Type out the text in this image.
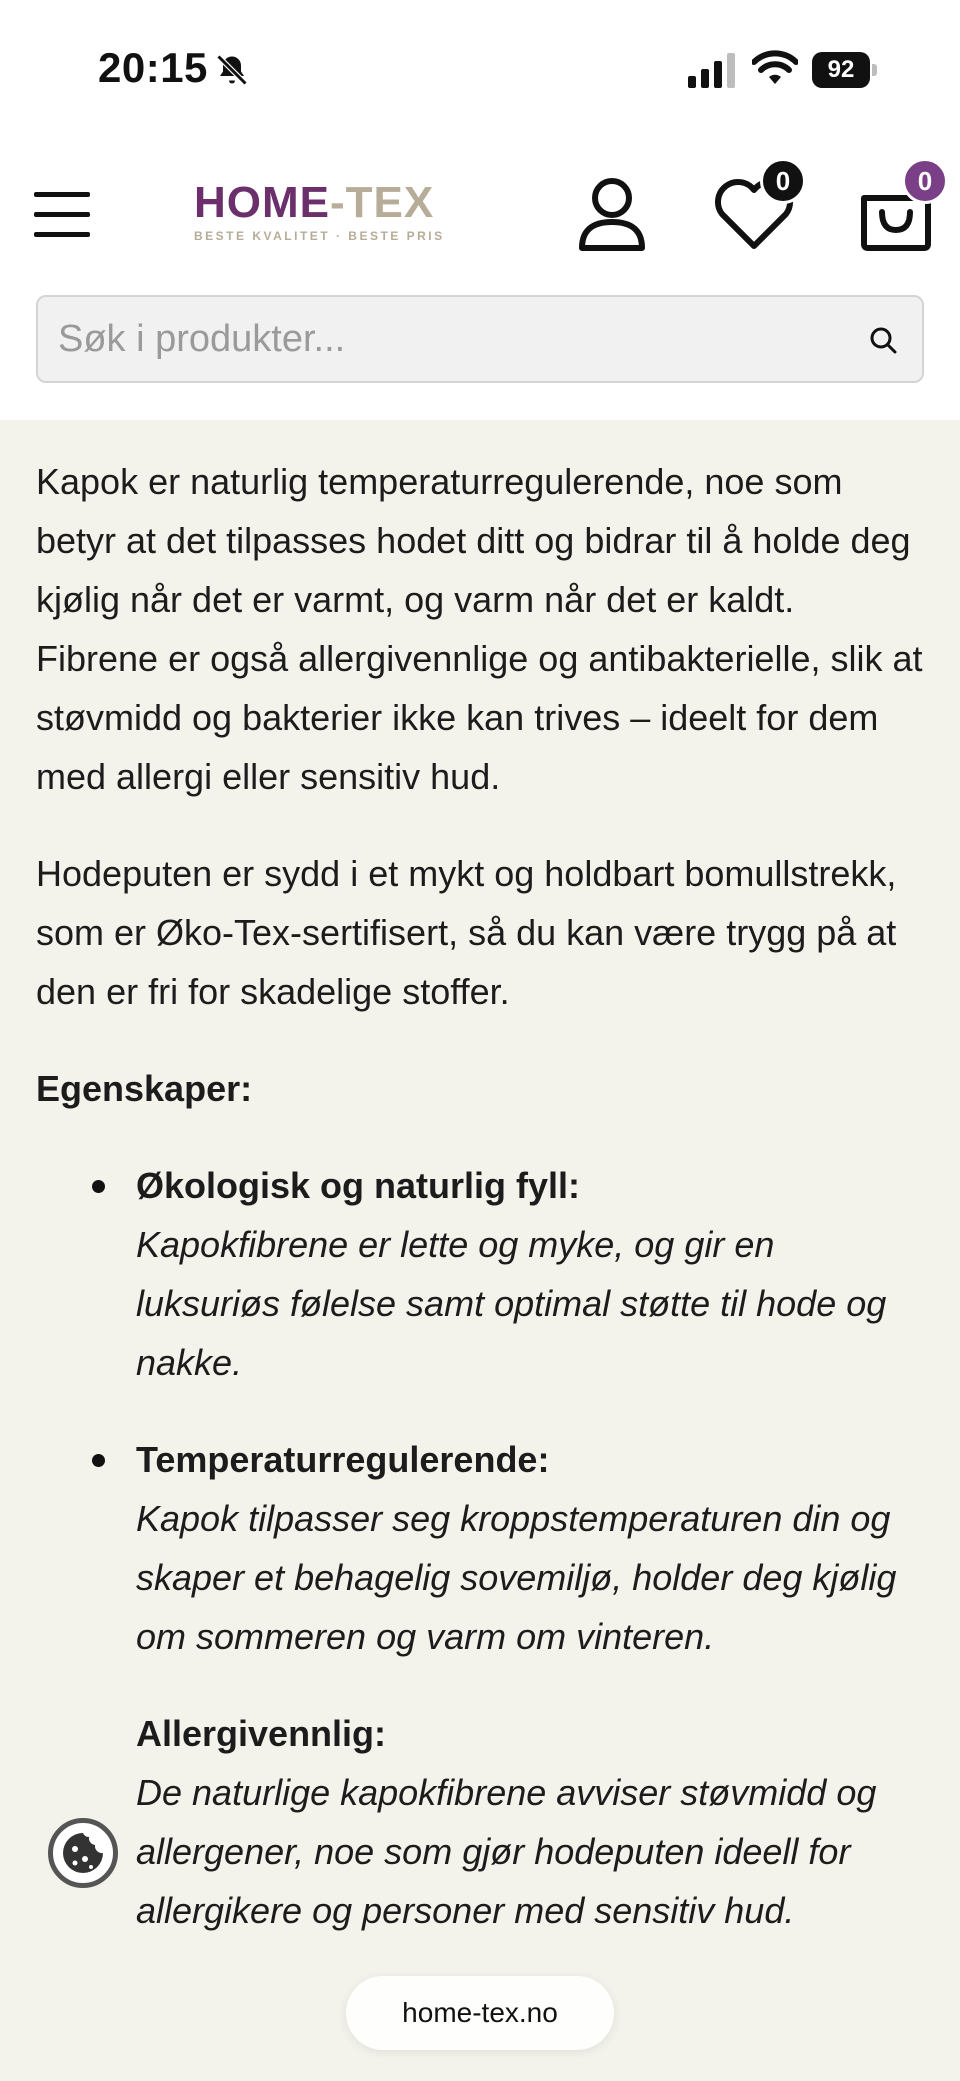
20:15	92
HOME-TEX
BESTE KVALITET · BESTE PRIS
0	0
Søk i produkter...

Kapok er naturlig temperaturregulerende, noe som betyr at det tilpasses hodet ditt og bidrar til å holde deg kjølig når det er varmt, og varm når det er kaldt. Fibrene er også allergivennlige og antibakterielle, slik at støvmidd og bakterier ikke kan trives – ideelt for dem med allergi eller sensitiv hud.

Hodeputen er sydd i et mykt og holdbart bomullstrekk, som er Øko-Tex-sertifisert, så du kan være trygg på at den er fri for skadelige stoffer.

Egenskaper:

Økologisk og naturlig fyll:
Kapokfibrene er lette og myke, og gir en luksuriøs følelse samt optimal støtte til hode og nakke.
Temperaturregulerende:
Kapok tilpasser seg kroppstemperaturen din og skaper et behagelig sovemiljø, holder deg kjølig om sommeren og varm om vinteren.
Allergivennlig:
De naturlige kapokfibrene avviser støvmidd og allergener, noe som gjør hodeputen ideell for allergikere og personer med sensitiv hud.
home-tex.no
